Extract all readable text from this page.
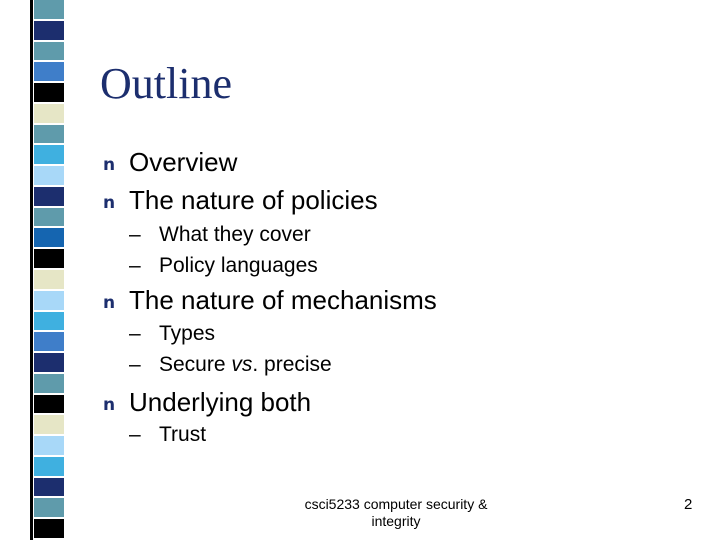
Outline
n Overview
n The nature of policies
– What they cover
– Policy languages
n The nature of mechanisms
– Types
– Secure vs. precise
n Underlying both
– Trust
csci5233 computer security & integrity
2
